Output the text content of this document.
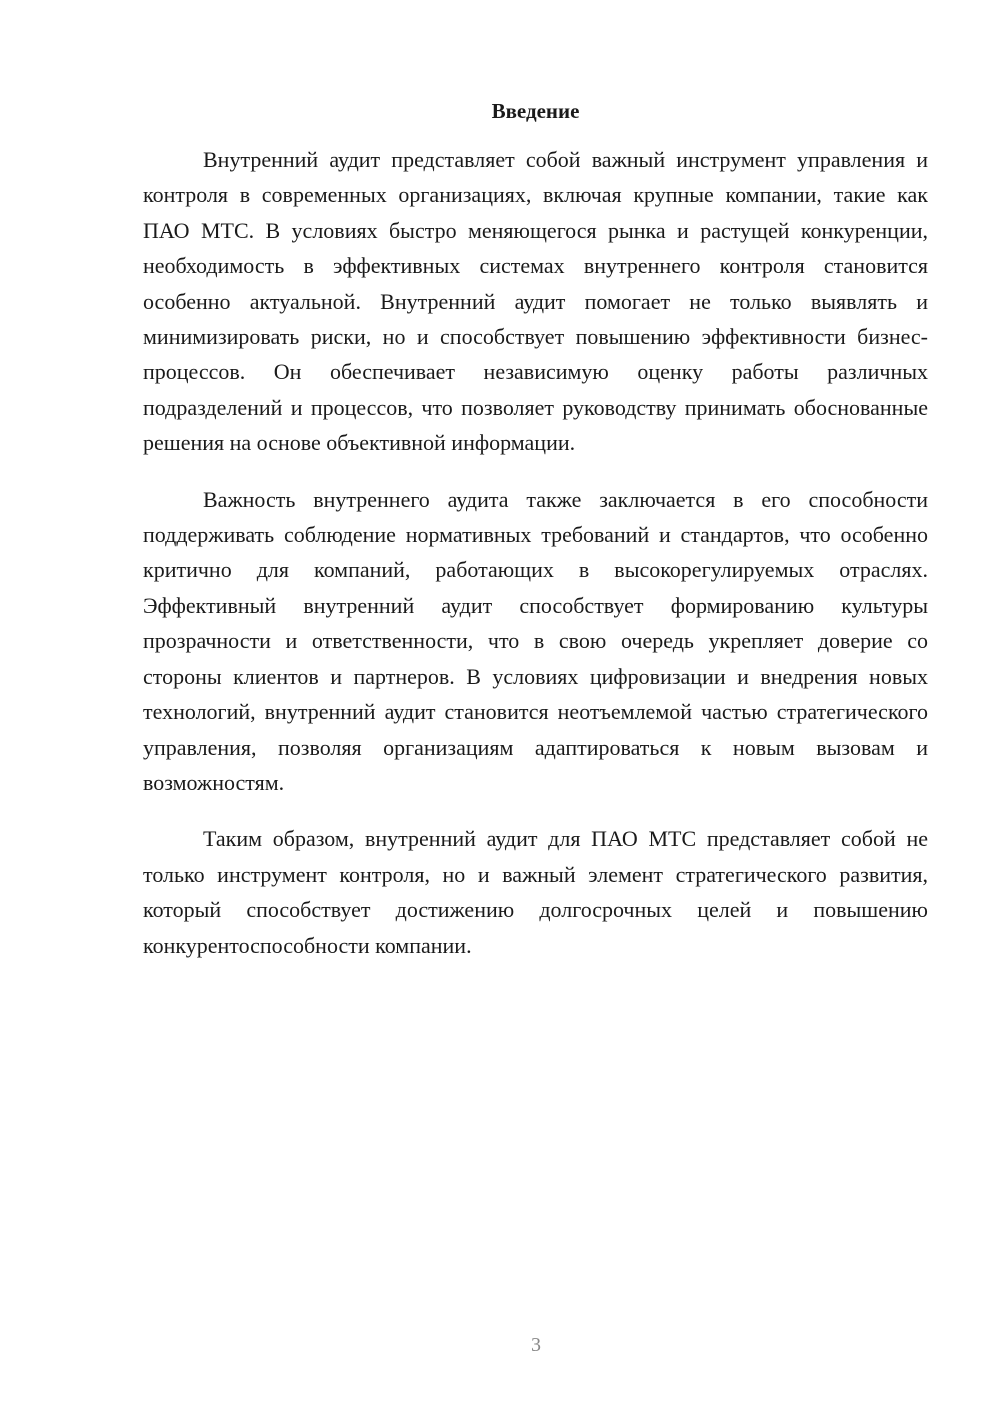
Введение

Внутренний аудит представляет собой важный инструмент управления и контроля в современных организациях, включая крупные компании, такие как ПАО МТС. В условиях быстро меняющегося рынка и растущей конкуренции, необходимость в эффективных системах внутреннего контроля становится особенно актуальной. Внутренний аудит помогает не только выявлять и минимизировать риски, но и способствует повышению эффективности бизнес-процессов. Он обеспечивает независимую оценку работы различных подразделений и процессов, что позволяет руководству принимать обоснованные решения на основе объективной информации.

Важность внутреннего аудита также заключается в его способности поддерживать соблюдение нормативных требований и стандартов, что особенно критично для компаний, работающих в высокорегулируемых отраслях. Эффективный внутренний аудит способствует формированию культуры прозрачности и ответственности, что в свою очередь укрепляет доверие со стороны клиентов и партнеров. В условиях цифровизации и внедрения новых технологий, внутренний аудит становится неотъемлемой частью стратегического управления, позволяя организациям адаптироваться к новым вызовам и возможностям.

Таким образом, внутренний аудит для ПАО МТС представляет собой не только инструмент контроля, но и важный элемент стратегического развития, который способствует достижению долгосрочных целей и повышению конкурентоспособности компании.

3
